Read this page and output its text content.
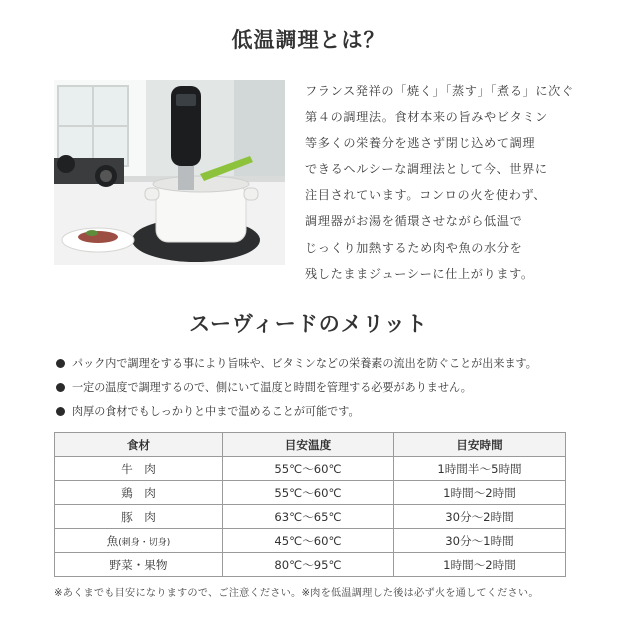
低温調理とは？
フランス発祥の「焼く」「蒸す」「煮る」に次ぐ
第４の調理法。食材本来の旨みやビタミン
等多くの栄養分を逃さず閉じ込めて調理
できるヘルシーな調理法として今、世界に
注目されています。コンロの火を使わず、
調理器がお湯を循環させながら低温で
じっくり加熱するため肉や魚の水分を
残したままジューシーに仕上がります。
スーヴィードのメリット
パック内で調理をする事により旨味や、ビタミンなどの栄養素の流出を防ぐことが出来ます。
一定の温度で調理するので、側にいて温度と時間を管理する必要がありません。
肉厚の食材でもしっかりと中まで温めることが可能です。
食材	目安温度	目安時間
牛　肉	55℃～60℃	1時間半～5時間
鶏　肉	55℃～60℃	1時間～2時間
豚　肉	63℃～65℃	30分～2時間
魚(刺身・切身)	45℃～60℃	30分～1時間
野菜・果物	80℃～95℃	1時間～2時間
※あくまでも目安になりますので、ご注意ください。※肉を低温調理した後は必ず火を通してください。
